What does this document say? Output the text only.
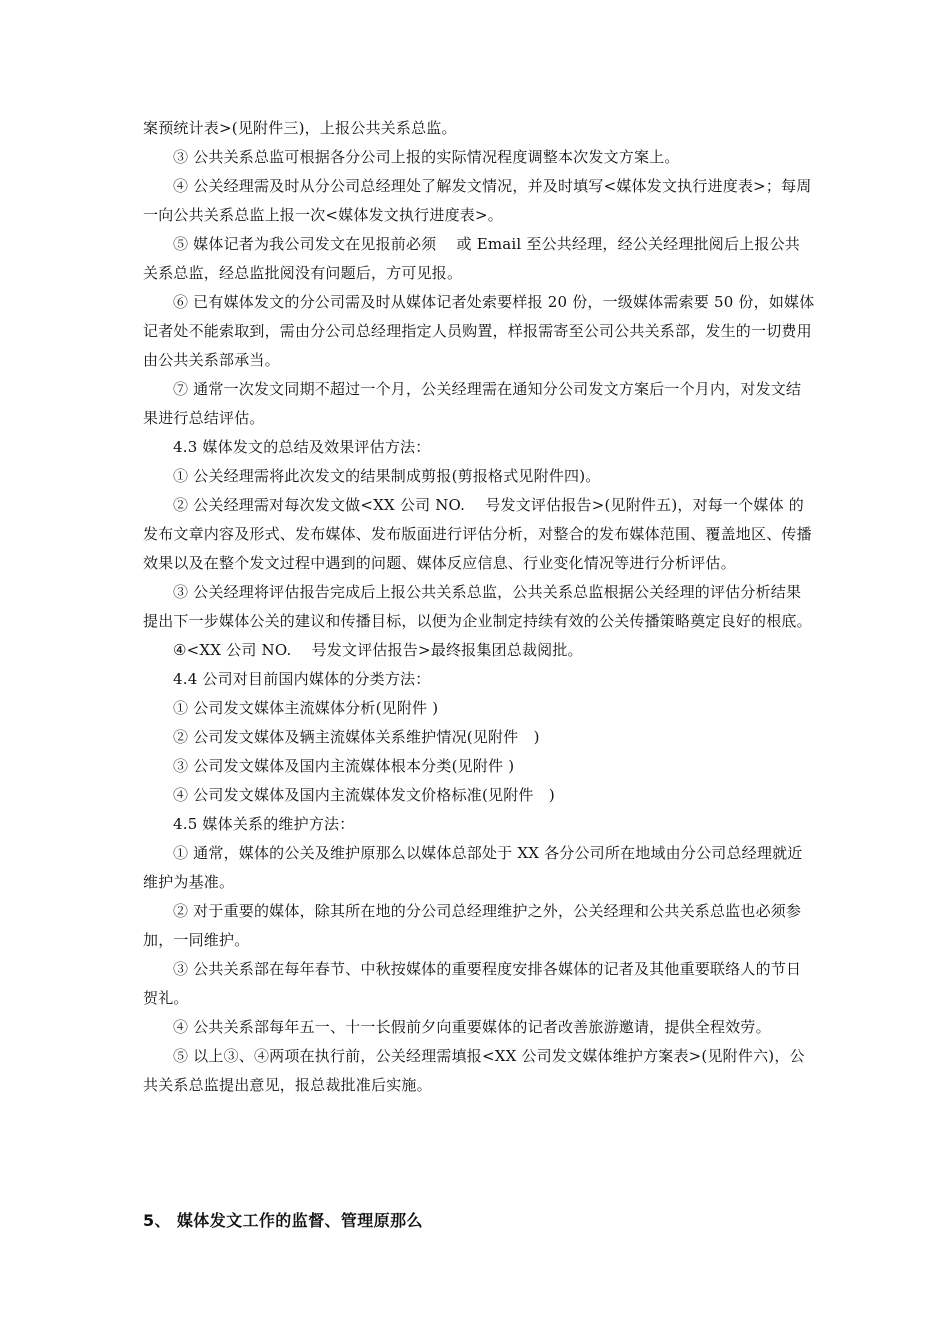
案预统计表>(见附件三)，上报公共关系总监。

③ 公共关系总监可根据各分公司上报的实际情况程度调整本次发文方案上。

④ 公关经理需及时从分公司总经理处了解发文情况，并及时填写<媒体发文执行进度表>；每周一向公共关系总监上报一次<媒体发文执行进度表>。

⑤ 媒体记者为我公司发文在见报前必须　 或 Email 至公共经理，经公关经理批阅后上报公共关系总监，经总监批阅没有问题后，方可见报。

⑥ 已有媒体发文的分公司需及时从媒体记者处索要样报 20 份，一级媒体需索要 50 份，如媒体记者处不能索取到，需由分公司总经理指定人员购置，样报需寄至公司公共关系部，发生的一切费用 由公共关系部承当。

⑦ 通常一次发文同期不超过一个月，公关经理需在通知分公司发文方案后一个月内，对发文结果进行总结评估。

4.3 媒体发文的总结及效果评估方法：

① 公关经理需将此次发文的结果制成剪报(剪报格式见附件四)。

② 公关经理需对每次发文做<XX 公司 NO.　 号发文评估报告>(见附件五)，对每一个媒体 的发布文章内容及形式、发布媒体、发布版面进行评估分析，对整合的发布媒体范围、覆盖地区、传播效果以及在整个发文过程中遇到的问题、媒体反应信息、行业变化情况等进行分析评估。

③ 公关经理将评估报告完成后上报公共关系总监，公共关系总监根据公关经理的评估分析结果提出下一步媒体公关的建议和传播目标，以便为企业制定持续有效的公关传播策略奠定良好的根底。

④<XX 公司 NO.　 号发文评估报告>最终报集团总裁阅批。

4.4 公司对目前国内媒体的分类方法：

① 公司发文媒体主流媒体分析(见附件 )

② 公司发文媒体及辆主流媒体关系维护情况(见附件　)

③ 公司发文媒体及国内主流媒体根本分类(见附件 )

④ 公司发文媒体及国内主流媒体发文价格标准(见附件　)

4.5 媒体关系的维护方法：

① 通常，媒体的公关及维护原那么以媒体总部处于 XX 各分公司所在地域由分公司总经理就近维护为基准。

② 对于重要的媒体，除其所在地的分公司总经理维护之外，公关经理和公共关系总监也必须参加，一同维护。

③ 公共关系部在每年春节、中秋按媒体的重要程度安排各媒体的记者及其他重要联络人的节日贺礼。

④ 公共关系部每年五一、十一长假前夕向重要媒体的记者改善旅游邀请，提供全程效劳。

⑤ 以上③、④两项在执行前，公关经理需填报<XX 公司发文媒体维护方案表>(见附件六)，公共关系总监提出意见，报总裁批准后实施。

5、 媒体发文工作的监督、管理原那么
